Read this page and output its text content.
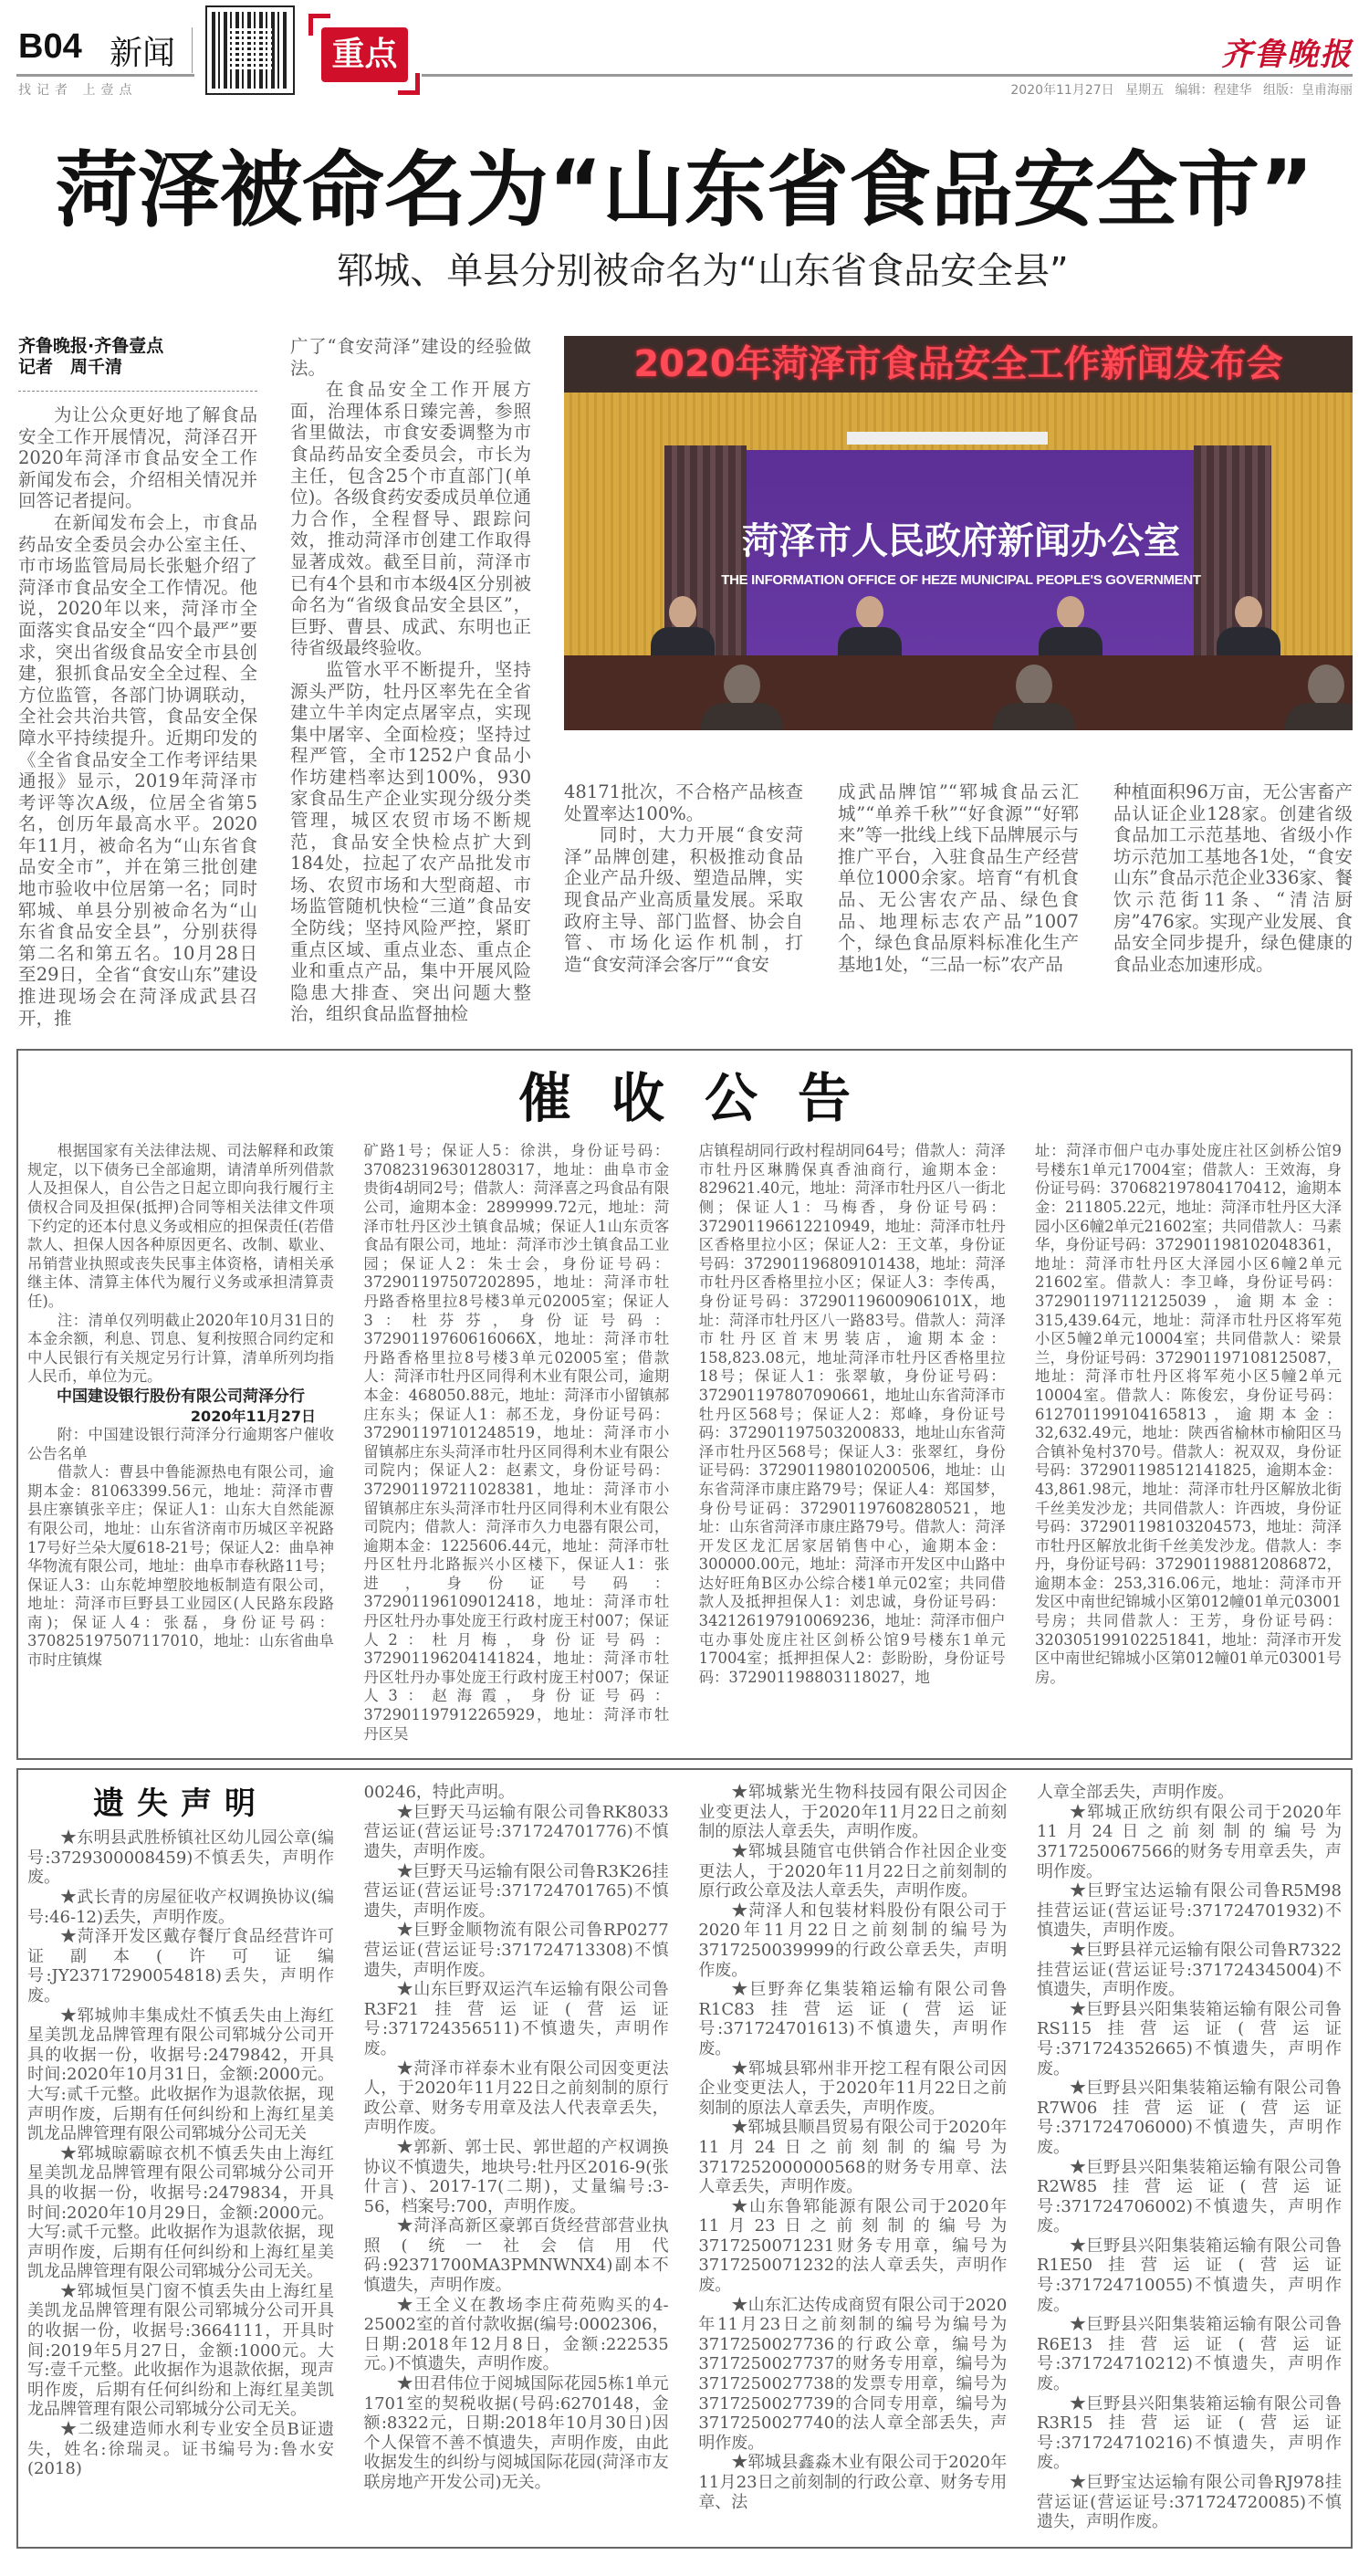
B04 新闻
找记者 上壹点
重点	齐鲁晚报
2020年11月27日 星期五 编辑：程建华 组版：皇甫海丽
菏泽被命名为“山东省食品安全市”
郓城、单县分别被命名为“山东省食品安全县”
齐鲁晚报·齐鲁壹点
记者　周千清

为让公众更好地了解食品安全工作开展情况，菏泽召开2020年菏泽市食品安全工作新闻发布会，介绍相关情况并回答记者提问。

在新闻发布会上，市食品药品安全委员会办公室主任、市市场监管局局长张魁介绍了菏泽市食品安全工作情况。他说，2020年以来，菏泽市全面落实食品安全“四个最严”要求，突出省级食品安全市县创建，狠抓食品安全全过程、全方位监管，各部门协调联动，全社会共治共管，食品安全保障水平持续提升。近期印发的《全省食品安全工作考评结果通报》显示，2019年菏泽市考评等次A级，位居全省第5名，创历年最高水平。2020年11月，被命名为“山东省食品安全市”，并在第三批创建地市验收中位居第一名；同时郓城、单县分别被命名为“山东省食品安全县”，分别获得第二名和第五名。10月28日至29日，全省“食安山东”建设推进现场会在菏泽成武县召开，推

广了“食安菏泽”建设的经验做法。

在食品安全工作开展方面，治理体系日臻完善，参照省里做法，市食安委调整为市食品药品安全委员会，市长为主任，包含25个市直部门(单位)。各级食药安委成员单位通力合作，全程督导、跟踪问效，推动菏泽市创建工作取得显著成效。截至目前，菏泽市已有4个县和市本级4区分别被命名为“省级食品安全县区”，巨野、曹县、成武、东明也正待省级最终验收。

监管水平不断提升，坚持源头严防，牡丹区率先在全省建立牛羊肉定点屠宰点，实现集中屠宰、全面检疫；坚持过程严管，全市1252户食品小作坊建档率达到100%，930家食品生产企业实现分级分类管理，城区农贸市场不断规范，食品安全快检点扩大到184处，拉起了农产品批发市场、农贸市场和大型商超、市场监管随机快检“三道”食品安全防线；坚持风险严控，紧盯重点区域、重点业态、重点企业和重点产品，集中开展风险隐患大排查、突出问题大整治，组织食品监督抽检

2020年菏泽市食品安全工作新闻发布会
菏泽市人民政府新闻办公室
THE INFORMATION OFFICE OF HEZE MUNICIPAL PEOPLE'S GOVERNMENT

48171批次，不合格产品核查处置率达100%。

同时，大力开展“食安菏泽”品牌创建，积极推动食品企业产品升级、塑造品牌，实现食品产业高质量发展。采取政府主导、部门监督、协会自管、市场化运作机制，打造“食安菏泽会客厅”“食安

成武品牌馆”“郓城食品云汇城”“单养千秋”“好食源”“好郓来”等一批线上线下品牌展示与推广平台，入驻食品生产经营单位1000余家。培育“有机食品、无公害农产品、绿色食品、地理标志农产品”1007个，绿色食品原料标准化生产基地1处，“三品一标”农产品

种植面积96万亩，无公害畜产品认证企业128家。创建省级食品加工示范基地、省级小作坊示范加工基地各1处，“食安山东”食品示范企业336家、餐饮示范街11条、“清洁厨房”476家。实现产业发展、食品安全同步提升，绿色健康的食品业态加速形成。

催收公告

根据国家有关法律法规、司法解释和政策规定，以下债务已全部逾期，请清单所列借款人及担保人，自公告之日起立即向我行履行主债权合同及担保(抵押)合同等相关法律文件项下约定的还本付息义务或相应的担保责任(若借款人、担保人因各种原因更名、改制、歇业、吊销营业执照或丧失民事主体资格，请相关承继主体、清算主体代为履行义务或承担清算责任)。

注：清单仅列明截止2020年10月31日的本金余额，利息、罚息、复利按照合同约定和中人民银行有关规定另行计算，清单所列均指人民币，单位为元。

中国建设银行股份有限公司菏泽分行

2020年11月27日

附：中国建设银行菏泽分行逾期客户催收公告名单

借款人：曹县中鲁能源热电有限公司，逾期本金：81063399.56元，地址：菏泽市曹县庄寨镇张辛庄；保证人1：山东大自然能源有限公司，地址：山东省济南市历城区辛祝路17号好兰朵大厦618-21号；保证人2：曲阜神华物流有限公司，地址：曲阜市春秋路11号；保证人3：山东乾坤塑胶地板制造有限公司，地址：菏泽市巨野县工业园区(人民路东段路南)；保证人4：张磊，身份证号码：370825197507117010，地址：山东省曲阜市时庄镇煤

矿路1号；保证人5：徐洪，身份证号码：370823196301280317，地址：曲阜市金贵街4胡同2号；借款人：菏泽喜之玛食品有限公司，逾期本金：2899999.72元，地址：菏泽市牡丹区沙土镇食品城；保证人1山东贡客食品有限公司，地址：菏泽市沙土镇食品工业园；保证人2：朱士会，身份证号码：372901197507202895，地址：菏泽市牡丹路香格里拉8号楼3单元02005室；保证人3：杜芬芬，身份证号码：37290119760616066X，地址：菏泽市牡丹路香格里拉8号楼3单元02005室；借款人：菏泽市牡丹区同得利木业有限公司，逾期本金：468050.88元，地址：菏泽市小留镇郝庄东头；保证人1：郝丕龙，身份证号码：372901197101248519，地址：菏泽市小留镇郝庄东头菏泽市牡丹区同得利木业有限公司院内；保证人2：赵素文，身份证号码：372901197211028381，地址：菏泽市小留镇郝庄东头菏泽市牡丹区同得利木业有限公司院内；借款人：菏泽市久力电器有限公司，逾期本金：1225606.44元，地址：菏泽市牡丹区牡丹北路振兴小区楼下，保证人1：张进，身份证号码：372901196109012418，地址：菏泽市牡丹区牡丹办事处庞王行政村庞王村007；保证人2：杜月梅，身份证号码：372901196204141824，地址：菏泽市牡丹区牡丹办事处庞王行政村庞王村007；保证人3：赵海霞，身份证号码：372901197912265929，地址：菏泽市牡丹区吴

店镇程胡同行政村程胡同64号；借款人：菏泽市牡丹区琳腾保真香油商行，逾期本金：829621.40元，地址：菏泽市牡丹区八一街北侧；保证人1：马梅香，身份证号码：372901196612210949，地址：菏泽市牡丹区香格里拉小区；保证人2：王文革，身份证号码：372901196809101438，地址：菏泽市牡丹区香格里拉小区；保证人3：李传禹，身份证号码：37290119600906101X，地址：菏泽市牡丹区八一路83号。借款人：菏泽市牡丹区首末男装店，逾期本金：158,823.08元，地址菏泽市牡丹区香格里拉18号；保证人1：张翠敏，身份证号码：372901197807090661，地址山东省菏泽市牡丹区568号；保证人2：郑峰，身份证号码：372901197503200833，地址山东省菏泽市牡丹区568号；保证人3：张翠红，身份证号码：372901198010200506，地址：山东省菏泽市康庄路79号；保证人4：郑国梦，身份号证码：372901197608280521，地址：山东省菏泽市康庄路79号。借款人：菏泽开发区龙汇居家居销售中心，逾期本金：300000.00元，地址：菏泽市开发区中山路中达好旺角B区办公综合楼1单元02室；共同借款人及抵押担保人1：刘忠诚，身份证号码：342126197910069236，地址：菏泽市佃户屯办事处庞庄社区剑桥公馆9号楼东1单元17004室；抵押担保人2：彭盼盼，身份证号码：372901198803118027，地

址：菏泽市佃户屯办事处庞庄社区剑桥公馆9号楼东1单元17004室；借款人：王效海，身份证号码：370682197804170412，逾期本金：211805.22元，地址：菏泽市牡丹区大泽园小区6幢2单元21602室；共同借款人：马素华，身份证号码：372901198102048361，地址：菏泽市牡丹区大泽园小区6幢2单元21602室。借款人：李卫峰，身份证号码：372901197112125039，逾期本金：315,439.64元，地址：菏泽市牡丹区将军苑小区5幢2单元10004室；共同借款人：梁景兰，身份证号码：372901197108125087，地址：菏泽市牡丹区将军苑小区5幢2单元10004室。借款人：陈俊宏，身份证号码：612701199104165813，逾期本金：32,632.49元，地址：陕西省榆林市榆阳区马合镇补兔村370号。借款人：祝双双，身份证号码：372901198512141825，逾期本金：43,861.98元，地址：菏泽市牡丹区解放北街千丝美发沙龙；共同借款人：许西坡，身份证号码：372901198103204573，地址：菏泽市牡丹区解放北街千丝美发沙龙。借款人：李丹，身份证号码：372901198812086872，逾期本金：253,316.06元，地址：菏泽市开发区中南世纪锦城小区第012幢01单元03001号房；共同借款人：王芳，身份证号码：320305199102251841，地址：菏泽市开发区中南世纪锦城小区第012幢01单元03001号房。

遗失声明

★东明县武胜桥镇社区幼儿园公章(编号:3729300008459)不慎丢失，声明作废。

★武长青的房屋征收产权调换协议(编号:46-12)丢失，声明作废。

★菏泽开发区戴存餐厅食品经营许可证副本(许可证编号:JY23717290054818)丢失，声明作废。

★郓城帅丰集成灶不慎丢失由上海红星美凯龙品牌管理有限公司郓城分公司开具的收据一份，收据号:2479842，开具时间:2020年10月31日，金额:2000元。大写:贰千元整。此收据作为退款依据，现声明作废，后期有任何纠纷和上海红星美凯龙品牌管理有限公司郓城分公司无关

★郓城晾霸晾衣机不慎丢失由上海红星美凯龙品牌管理有限公司郓城分公司开具的收据一份，收据号:2479834，开具时间:2020年10月29日，金额:2000元。大写:贰千元整。此收据作为退款依据，现声明作废，后期有任何纠纷和上海红星美凯龙品牌管理有限公司郓城分公司无关。

★郓城恒昊门窗不慎丢失由上海红星美凯龙品牌管理有限公司郓城分公司开具的收据一份，收据号:3664111，开具时间:2019年5月27日，金额:1000元。大写:壹千元整。此收据作为退款依据，现声明作废，后期有任何纠纷和上海红星美凯龙品牌管理有限公司郓城分公司无关。

★二级建造师水利专业安全员B证遗失，姓名:徐瑞灵。证书编号为:鲁水安(2018)

00246，特此声明。

★巨野天马运输有限公司鲁RK8033营运证(营运证号:371724701776)不慎遗失，声明作废。

★巨野天马运输有限公司鲁R3K26挂营运证(营运证号:371724701765)不慎遗失，声明作废。

★巨野金顺物流有限公司鲁RP0277营运证(营运证号:371724713308)不慎遗失，声明作废。

★山东巨野双运汽车运输有限公司鲁R3F21挂营运证(营运证号:371724356511)不慎遗失，声明作废。

★菏泽市祥泰木业有限公司因变更法人，于2020年11月22日之前刻制的原行政公章、财务专用章及法人代表章丢失，声明作废。

★郭新、郭士民、郭世超的产权调换协议不慎遗失，地块号:牡丹区2016-9(张什言)、2017-17(二期)，丈量编号:3-56，档案号:700，声明作废。

★菏泽高新区豪郭百货经营部营业执照(统一社会信用代码:92371700MA3PMNWNX4)副本不慎遗失，声明作废。

★王全义在教场李庄荷苑购买的4-25002室的首付款收据(编号:0002306，日期:2018年12月8日，金额:222535元。)不慎遗失，声明作废。

★田君伟位于阅城国际花园5栋1单元1701室的契税收据(号码:6270148，金额:8322元，日期:2018年10月30日)因个人保管不善不慎遗失，声明作废，由此收据发生的纠纷与阅城国际花园(菏泽市友联房地产开发公司)无关。

★郓城紫光生物科技园有限公司因企业变更法人，于2020年11月22日之前刻制的原法人章丢失，声明作废。

★郓城县随官屯供销合作社因企业变更法人，于2020年11月22日之前刻制的原行政公章及法人章丢失，声明作废。

★菏泽人和包装材料股份有限公司于2020年11月22日之前刻制的编号为3717250039999的行政公章丢失，声明作废。

★巨野奔亿集装箱运输有限公司鲁R1C83挂营运证(营运证号:371724701613)不慎遗失，声明作废。

★郓城县郓州非开挖工程有限公司因企业变更法人，于2020年11月22日之前刻制的原法人章丢失，声明作废。

★郓城县顺昌贸易有限公司于2020年11月24日之前刻制的编号为3717252000000568的财务专用章、法人章丢失，声明作废。

★山东鲁郓能源有限公司于2020年11月23日之前刻制的编号为3717250071231财务专用章，编号为3717250071232的法人章丢失，声明作废。

★山东汇达传成商贸有限公司于2020年11月23日之前刻制的编号为编号为3717250027736的行政公章，编号为3717250027737的财务专用章，编号为3717250027738的发票专用章，编号为3717250027739的合同专用章，编号为3717250027740的法人章全部丢失，声明作废。

★郓城县鑫淼木业有限公司于2020年11月23日之前刻制的行政公章、财务专用章、法

人章全部丢失，声明作废。

★郓城正欣纺织有限公司于2020年11月24日之前刻制的编号为3717250067566的财务专用章丢失，声明作废。

★巨野宝达运输有限公司鲁R5M98挂营运证(营运证号:371724701932)不慎遗失，声明作废。

★巨野县祥元运输有限公司鲁R7322挂营运证(营运证号:371724345004)不慎遗失，声明作废。

★巨野县兴阳集装箱运输有限公司鲁RS115挂营运证(营运证号:371724352665)不慎遗失，声明作废。

★巨野县兴阳集装箱运输有限公司鲁R7W06挂营运证(营运证号:371724706000)不慎遗失，声明作废。

★巨野县兴阳集装箱运输有限公司鲁R2W85挂营运证(营运证号:371724706002)不慎遗失，声明作废。

★巨野县兴阳集装箱运输有限公司鲁R1E50挂营运证(营运证号:371724710055)不慎遗失，声明作废。

★巨野县兴阳集装箱运输有限公司鲁R6E13挂营运证(营运证号:371724710212)不慎遗失，声明作废。

★巨野县兴阳集装箱运输有限公司鲁R3R15挂营运证(营运证号:371724710216)不慎遗失，声明作废。

★巨野宝达运输有限公司鲁RJ978挂营运证(营运证号:371724720085)不慎遗失，声明作废。
